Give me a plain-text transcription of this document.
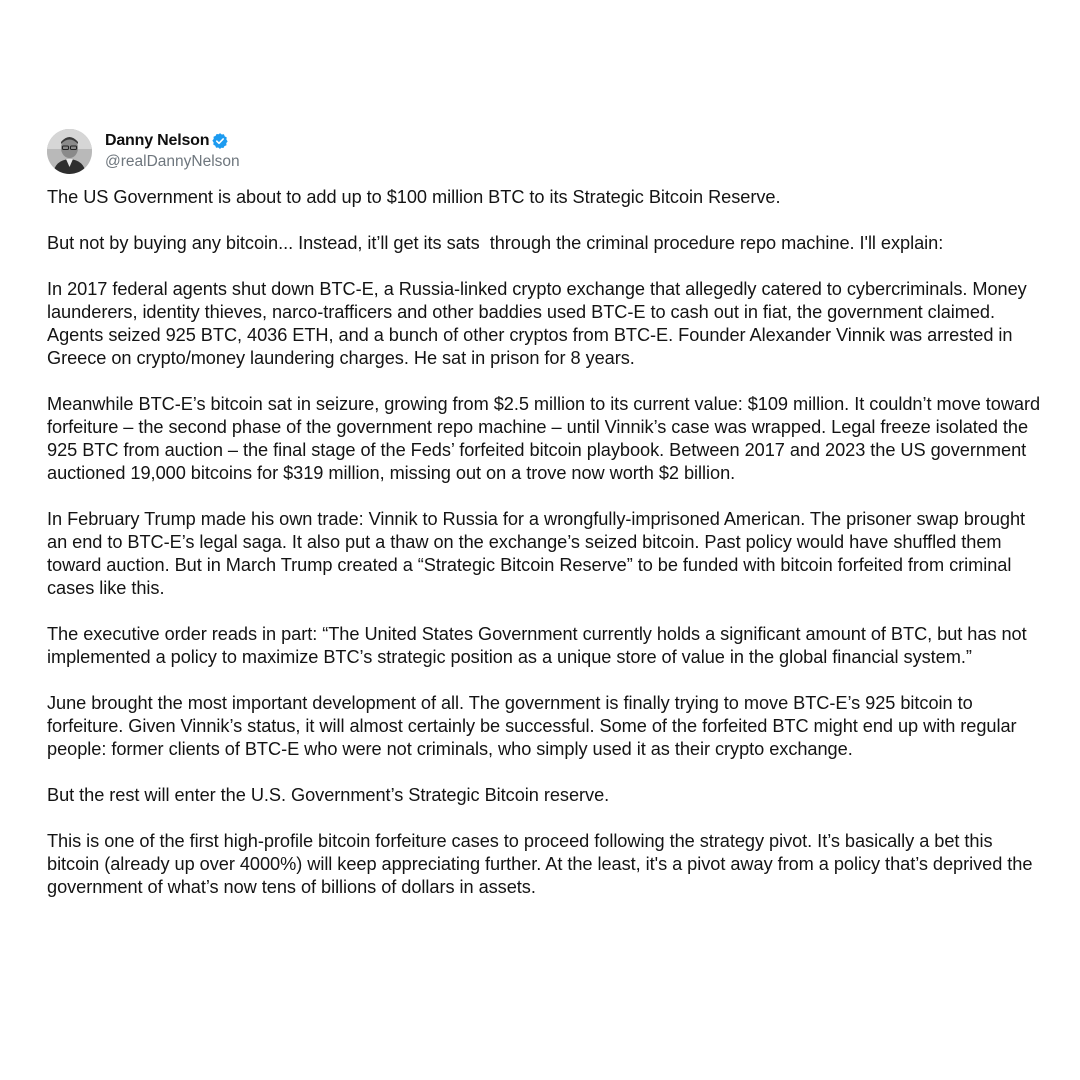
Danny Nelson
@realDannyNelson

The US Government is about to add up to $100 million BTC to its Strategic Bitcoin Reserve.

But not by buying any bitcoin... Instead, it’ll get its sats  through the criminal procedure repo machine. I'll explain:

In 2017 federal agents shut down BTC-E, a Russia-linked crypto exchange that allegedly catered to cybercriminals. Money launderers, identity thieves, narco-trafficers and other baddies used BTC-E to cash out in fiat, the government claimed. Agents seized 925 BTC, 4036 ETH, and a bunch of other cryptos from BTC-E. Founder Alexander Vinnik was arrested in Greece on crypto/money laundering charges. He sat in prison for 8 years.

Meanwhile BTC-E’s bitcoin sat in seizure, growing from $2.5 million to its current value: $109 million. It couldn’t move toward forfeiture – the second phase of the government repo machine – until Vinnik’s case was wrapped. Legal freeze isolated the 925 BTC from auction – the final stage of the Feds’ forfeited bitcoin playbook. Between 2017 and 2023 the US government auctioned 19,000 bitcoins for $319 million, missing out on a trove now worth $2 billion.

In February Trump made his own trade: Vinnik to Russia for a wrongfully-imprisoned American. The prisoner swap brought an end to BTC-E’s legal saga. It also put a thaw on the exchange’s seized bitcoin. Past policy would have shuffled them toward auction. But in March Trump created a “Strategic Bitcoin Reserve” to be funded with bitcoin forfeited from criminal cases like this.

The executive order reads in part: “The United States Government currently holds a significant amount of BTC, but has not implemented a policy to maximize BTC’s strategic position as a unique store of value in the global financial system.”

June brought the most important development of all. The government is finally trying to move BTC-E’s 925 bitcoin to forfeiture. Given Vinnik’s status, it will almost certainly be successful. Some of the forfeited BTC might end up with regular people: former clients of BTC-E who were not criminals, who simply used it as their crypto exchange.

But the rest will enter the U.S. Government’s Strategic Bitcoin reserve.

This is one of the first high-profile bitcoin forfeiture cases to proceed following the strategy pivot. It’s basically a bet this bitcoin (already up over 4000%) will keep appreciating further. At the least, it's a pivot away from a policy that’s deprived the government of what’s now tens of billions of dollars in assets.
